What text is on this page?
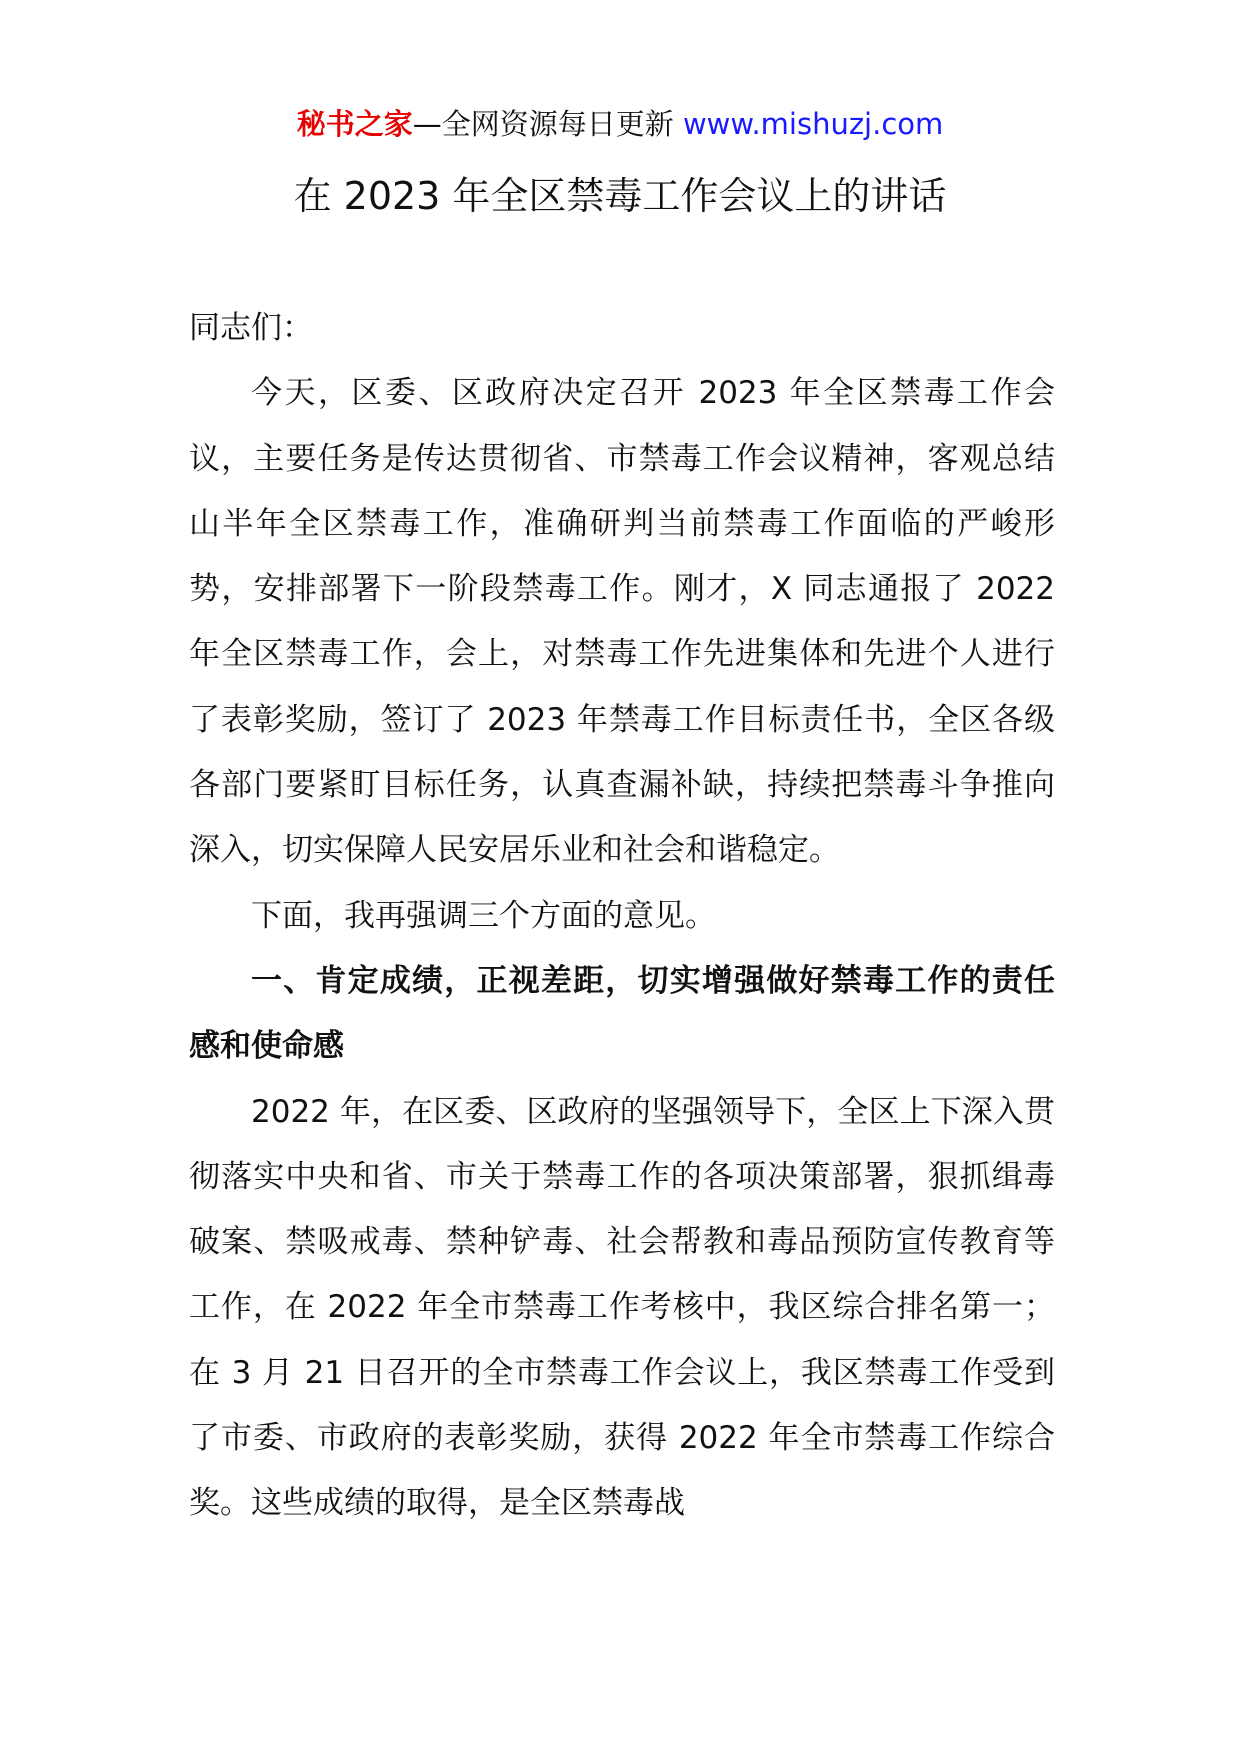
秘书之家—全网资源每日更新 www.mishuzj.com
在 2023 年全区禁毒工作会议上的讲话

同志们：

今天，区委、区政府决定召开 2023 年全区禁毒工作会议，主要任务是传达贯彻省、市禁毒工作会议精神，客观总结山半年全区禁毒工作，准确研判当前禁毒工作面临的严峻形势，安排部署下一阶段禁毒工作。刚才，X 同志通报了 2022 年全区禁毒工作，会上，对禁毒工作先进集体和先进个人进行了表彰奖励，签订了 2023 年禁毒工作目标责任书，全区各级各部门要紧盯目标任务，认真查漏补缺，持续把禁毒斗争推向深入，切实保障人民安居乐业和社会和谐稳定。

下面，我再强调三个方面的意见。

一、肯定成绩，正视差距，切实增强做好禁毒工作的责任感和使命感

2022 年，在区委、区政府的坚强领导下，全区上下深入贯彻落实中央和省、市关于禁毒工作的各项决策部署，狠抓缉毒破案、禁吸戒毒、禁种铲毒、社会帮教和毒品预防宣传教育等工作，在 2022 年全市禁毒工作考核中，我区综合排名第一；在 3 月 21 日召开的全市禁毒工作会议上，我区禁毒工作受到了市委、市政府的表彰奖励，获得 2022 年全市禁毒工作综合奖。这些成绩的取得，是全区禁毒战
